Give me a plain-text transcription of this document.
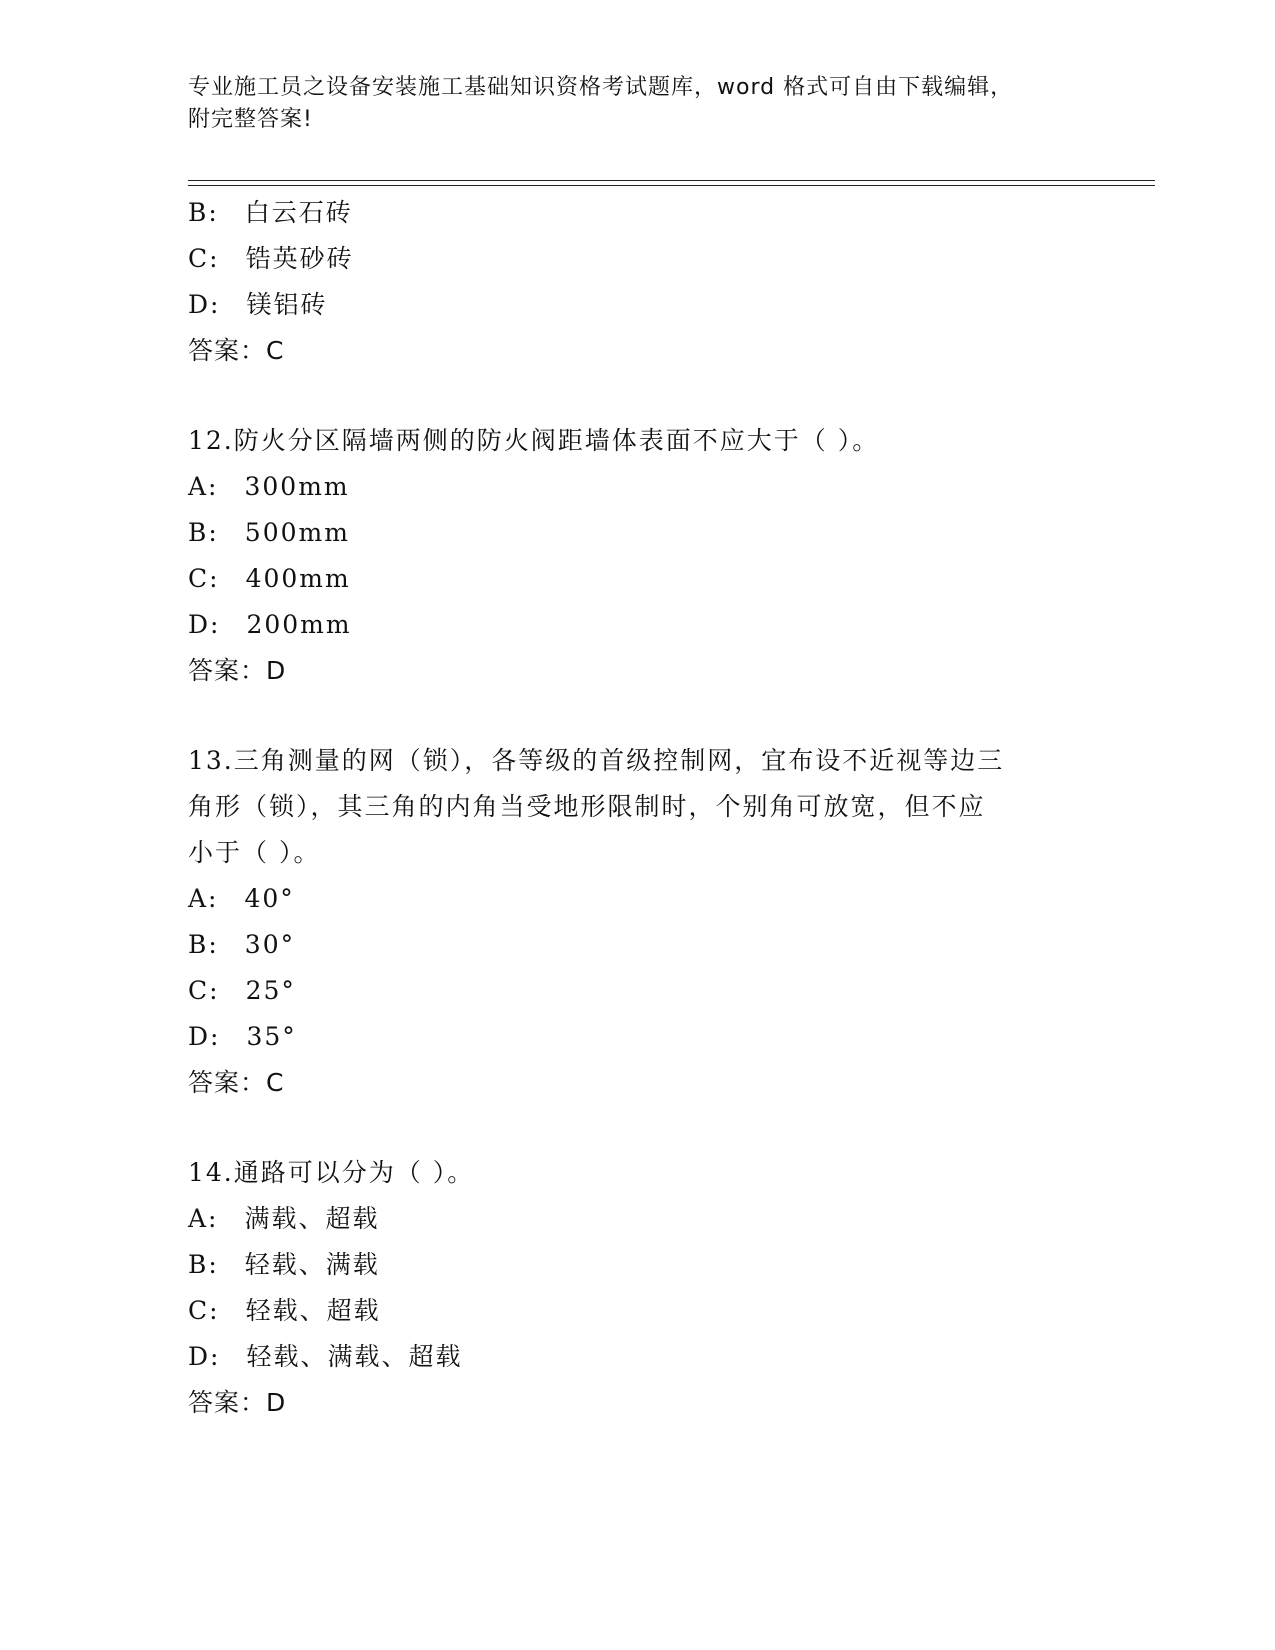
专业施工员之设备安装施工基础知识资格考试题库，word 格式可自由下载编辑，
附完整答案!
B: 白云石砖
C: 锆英砂砖
D: 镁铝砖
答案：C
12.防火分区隔墙两侧的防火阀距墙体表面不应大于（ ）。
A: 300mm
B: 500mm
C: 400mm
D: 200mm
答案：D
13.三角测量的网（锁），各等级的首级控制网，宜布设不近视等边三
角形（锁），其三角的内角当受地形限制时，个别角可放宽，但不应
小于（ ）。
A: 40°
B: 30°
C: 25°
D: 35°
答案：C
14.通路可以分为（ ）。
A: 满载、超载
B: 轻载、满载
C: 轻载、超载
D: 轻载、满载、超载
答案：D
